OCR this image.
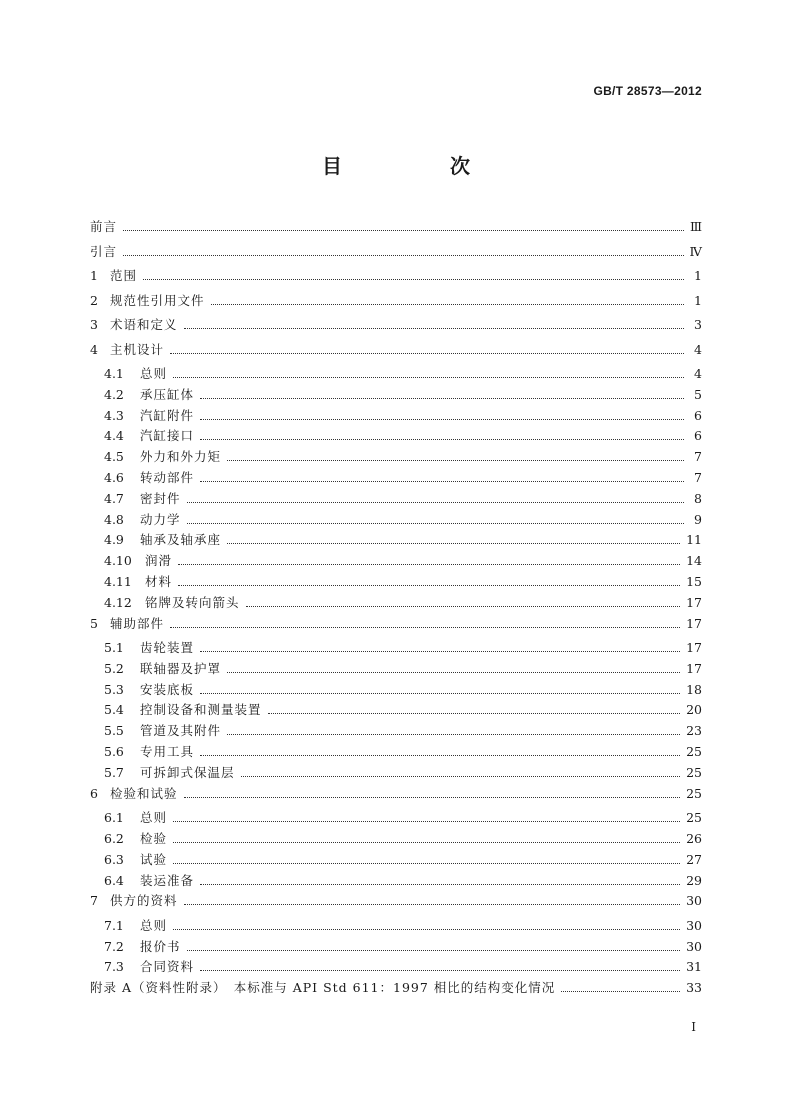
GB/T 28573—2012
目　次
前言	Ⅲ
引言	Ⅳ
1 范围	1
2 规范性引用文件	1
3 术语和定义	3
4 主机设计	4
4.1	总则	4
4.2	承压缸体	5
4.3	汽缸附件	6
4.4	汽缸接口	6
4.5	外力和外力矩	7
4.6	转动部件	7
4.7	密封件	8
4.8	动力学	9
4.9	轴承及轴承座	11
4.10	润滑	14
4.11	材料	15
4.12	铭牌及转向箭头	17
5 辅助部件	17
5.1	齿轮装置	17
5.2	联轴器及护罩	17
5.3	安装底板	18
5.4	控制设备和测量装置	20
5.5	管道及其附件	23
5.6	专用工具	25
5.7	可拆卸式保温层	25
6 检验和试验	25
6.1	总则	25
6.2	检验	26
6.3	试验	27
6.4	装运准备	29
7 供方的资料	30
7.1	总则	30
7.2	报价书	30
7.3	合同资料	31
附录 A（资料性附录）　本标准与 API Std 611：1997 相比的结构变化情况	33
Ⅰ
